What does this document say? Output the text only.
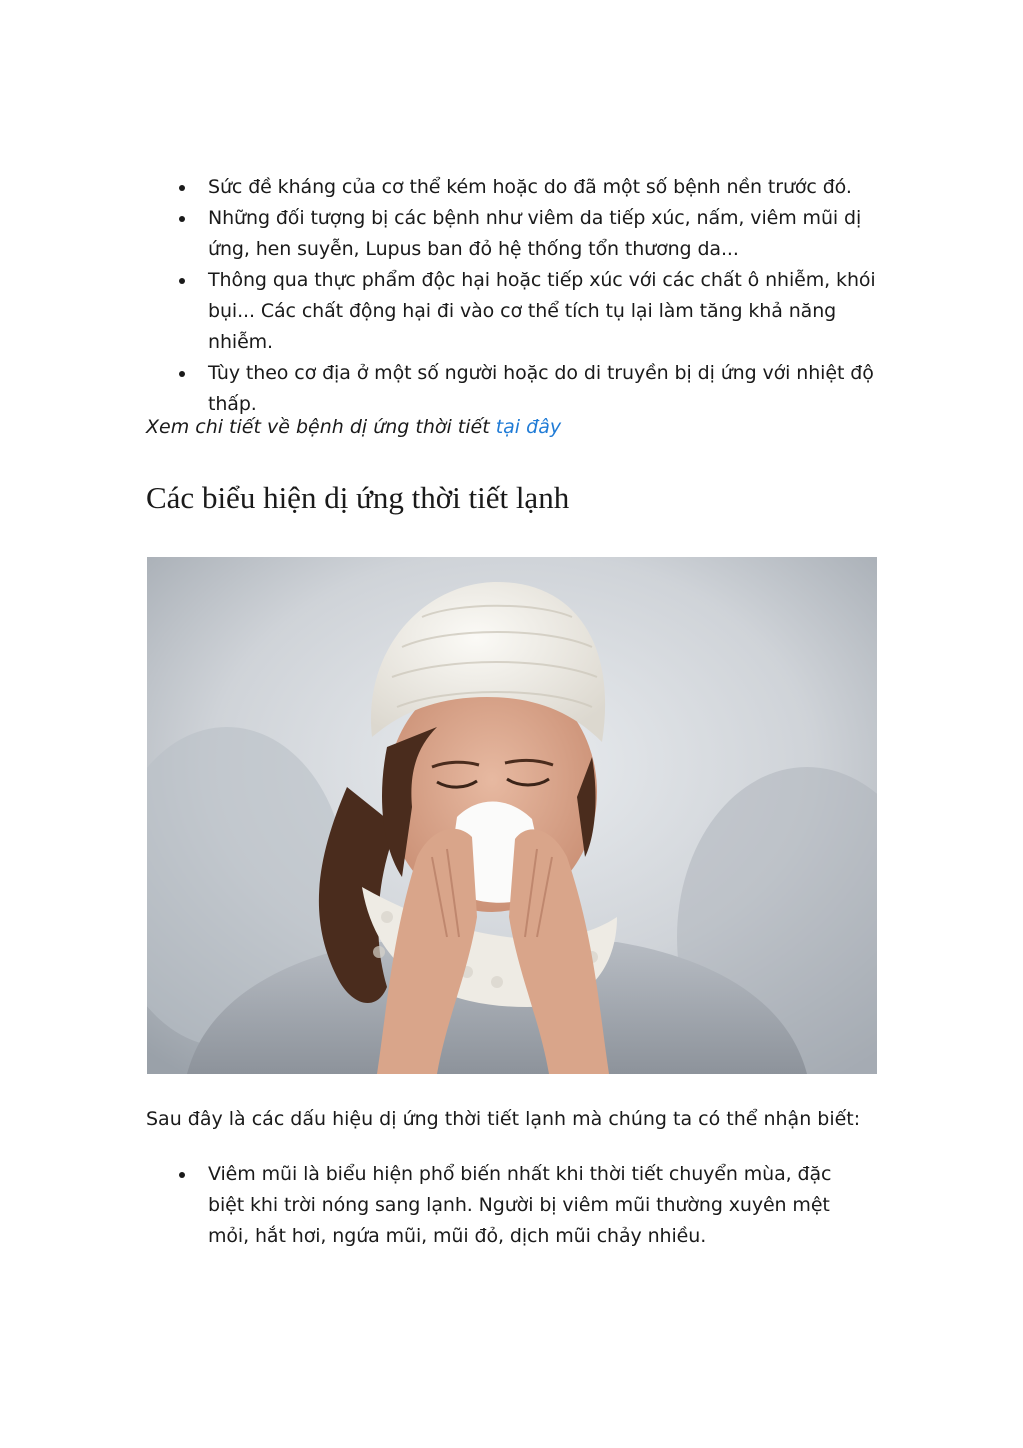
Sức đề kháng của cơ thể kém hoặc do đã một số bệnh nền trước đó.
Những đối tượng bị các bệnh như viêm da tiếp xúc, nấm, viêm mũi dị ứng, hen suyễn, Lupus ban đỏ hệ thống tổn thương da...
Thông qua thực phẩm độc hại hoặc tiếp xúc với các chất ô nhiễm, khói bụi... Các chất động hại đi vào cơ thể tích tụ lại làm tăng khả năng nhiễm.
Tùy theo cơ địa ở một số người hoặc do di truyền bị dị ứng với nhiệt độ thấp.

Xem chi tiết về bệnh dị ứng thời tiết tại đây

Các biểu hiện dị ứng thời tiết lạnh

Sau đây là các dấu hiệu dị ứng thời tiết lạnh mà chúng ta có thể nhận biết:

Viêm mũi là biểu hiện phổ biến nhất khi thời tiết chuyển mùa, đặc biệt khi trời nóng sang lạnh. Người bị viêm mũi thường xuyên mệt mỏi, hắt hơi, ngứa mũi, mũi đỏ, dịch mũi chảy nhiều.
